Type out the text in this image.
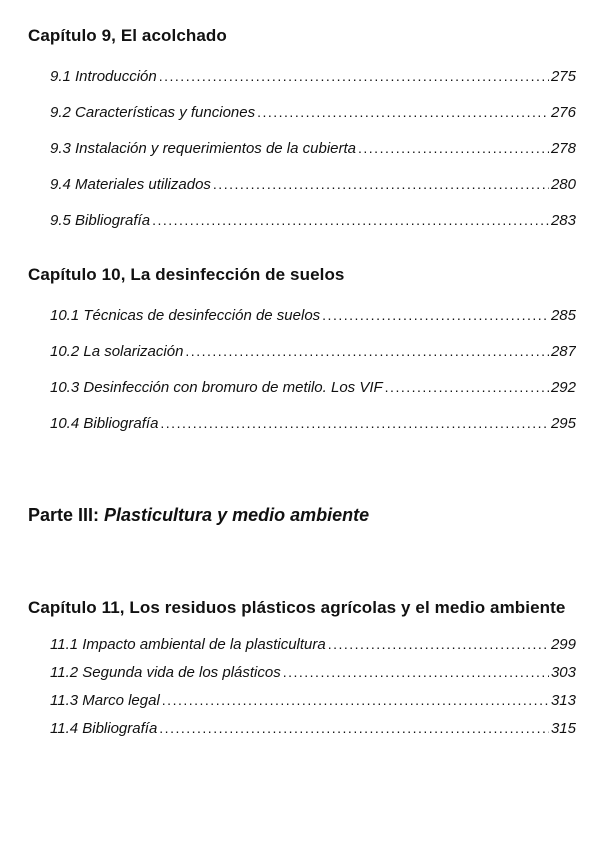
Capítulo 9, El acolchado
9.1 Introducción .....	275
9.2 Características y funciones .....	276
9.3 Instalación y requerimientos de la cubierta .....	278
9.4 Materiales utilizados .....	280
9.5 Bibliografía .....	283
Capítulo 10, La desinfección de suelos
10.1 Técnicas de desinfección de suelos .....	285
10.2 La solarización .....	287
10.3 Desinfección con bromuro de metilo. Los VIF .....	292
10.4 Bibliografía .....	295
Parte III: Plasticultura y medio ambiente
Capítulo 11, Los residuos plásticos agrícolas y el medio ambiente
11.1 Impacto ambiental de la plasticultura .....	299
11.2 Segunda vida de los plásticos .....	303
11.3 Marco legal .....	313
11.4 Bibliografía .....	315
